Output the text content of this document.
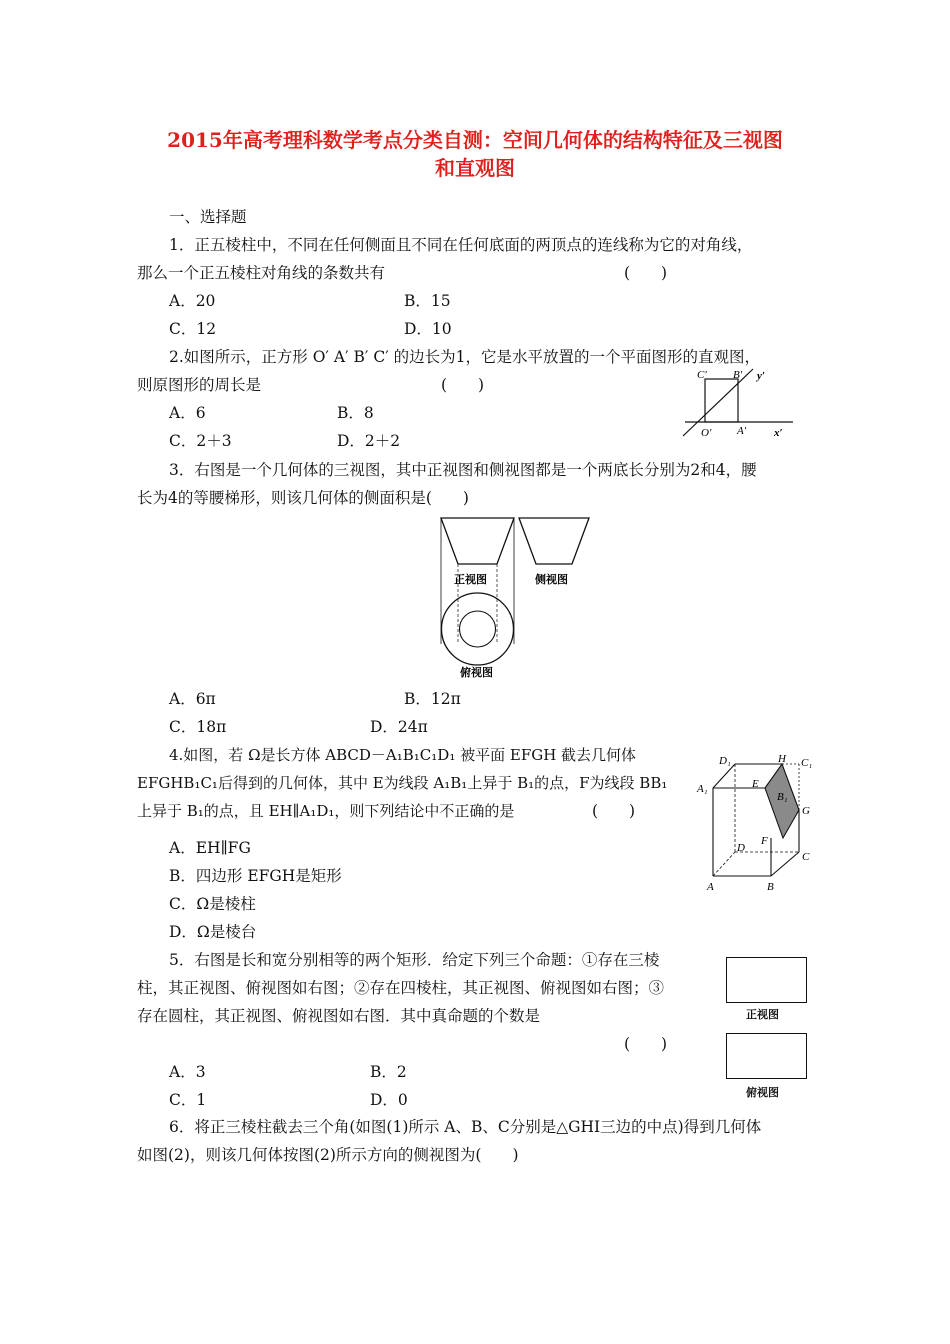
2015年高考理科数学考点分类自测：空间几何体的结构特征及三视图
和直观图
一、选择题
1．正五棱柱中，不同在任何侧面且不同在任何底面的两顶点的连线称为它的对角线，
那么一个正五棱柱对角线的条数共有	(　　)
A．20	B．15
C．12	D．10
2.如图所示，正方形 O′ A′ B′ C′ 的边长为1，它是水平放置的一个平面图形的直观图，
则原图形的周长是	(　　)
A．6	B．8
C．2＋3	D．2＋2
C′ B′ y′
O′ A′	x′
3．右图是一个几何体的三视图，其中正视图和侧视图都是一个两底长分别为2和4，腰
长为4的等腰梯形，则该几何体的侧面积是(　　)
正视图	侧视图
俯视图
A．6π	B．12π
C．18π	D．24π
4.如图，若 Ω是长方体 ABCD－A₁B₁C₁D₁ 被平面 EFGH 截去几何体
EFGHB₁C₁后得到的几何体，其中 E为线段 A₁B₁上异于 B₁的点，F为线段 BB₁
上异于 B₁的点，且 EH∥A₁D₁，则下列结论中不正确的是	(　　)
A．EH∥FG
B．四边形 EFGH是矩形
C．Ω是棱柱
D．Ω是棱台
D₁	H C₁
A₁	E
B₁
G
F
D
C
A	B
5．右图是长和宽分别相等的两个矩形．给定下列三个命题：①存在三棱
柱，其正视图、俯视图如右图；②存在四棱柱，其正视图、俯视图如右图；③
存在圆柱，其正视图、俯视图如右图．其中真命题的个数是
(　　)
A．3	B．2
C．1	D．0
正视图
俯视图
6．将正三棱柱截去三个角(如图(1)所示 A、B、C分别是△GHI三边的中点)得到几何体
如图(2)，则该几何体按图(2)所示方向的侧视图为(　　)
